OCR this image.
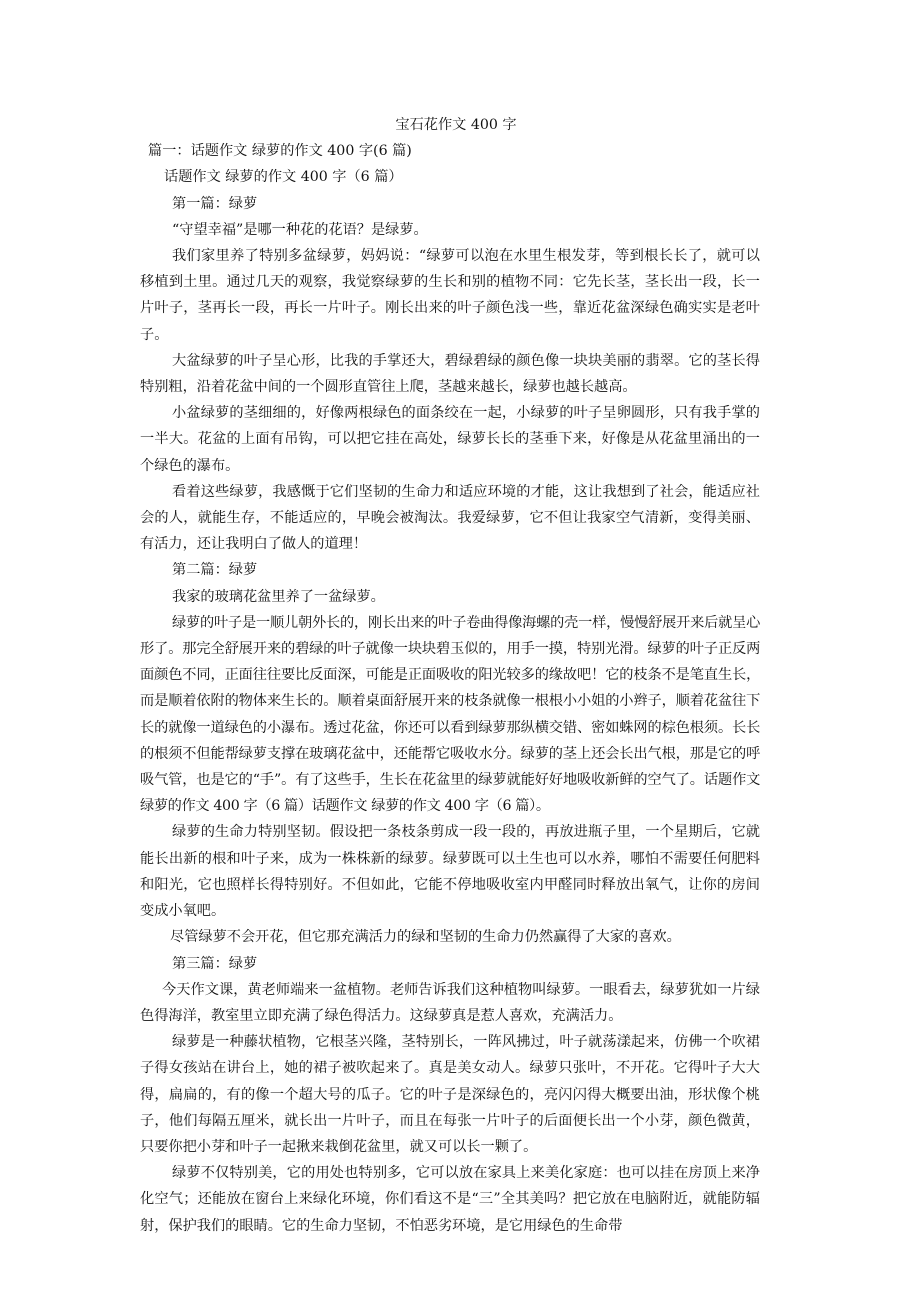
宝石花作文 400 字

篇一：话题作文 绿萝的作文 400 字(6 篇)

话题作文 绿萝的作文 400 字（6 篇）

第一篇：绿萝

“守望幸福”是哪一种花的花语？是绿萝。

我们家里养了特别多盆绿萝，妈妈说：“绿萝可以泡在水里生根发芽，等到根长长了，就可以移植到土里。通过几天的观察，我觉察绿萝的生长和别的植物不同：它先长茎，茎长出一段，长一片叶子，茎再长一段，再长一片叶子。刚长出来的叶子颜色浅一些，靠近花盆深绿色确实实是老叶子。

大盆绿萝的叶子呈心形，比我的手掌还大，碧绿碧绿的颜色像一块块美丽的翡翠。它的茎长得特别粗，沿着花盆中间的一个圆形直管往上爬，茎越来越长，绿萝也越长越高。

小盆绿萝的茎细细的，好像两根绿色的面条绞在一起，小绿萝的叶子呈卵圆形，只有我手掌的一半大。花盆的上面有吊钩，可以把它挂在高处，绿萝长长的茎垂下来，好像是从花盆里涌出的一个绿色的瀑布。

看着这些绿萝，我感慨于它们坚韧的生命力和适应环境的才能，这让我想到了社会，能适应社会的人，就能生存，不能适应的，早晚会被淘汰。我爱绿萝，它不但让我家空气清新，变得美丽、有活力，还让我明白了做人的道理！

第二篇：绿萝

我家的玻璃花盆里养了一盆绿萝。

绿萝的叶子是一顺儿朝外长的，刚长出来的叶子卷曲得像海螺的壳一样，慢慢舒展开来后就呈心形了。那完全舒展开来的碧绿的叶子就像一块块碧玉似的，用手一摸，特别光滑。绿萝的叶子正反两面颜色不同，正面往往要比反面深，可能是正面吸收的阳光较多的缘故吧！它的枝条不是笔直生长，而是顺着依附的物体来生长的。顺着桌面舒展开来的枝条就像一根根小小姐的小辫子，顺着花盆往下长的就像一道绿色的小瀑布。透过花盆，你还可以看到绿萝那纵横交错、密如蛛网的棕色根须。长长的根须不但能帮绿萝支撑在玻璃花盆中，还能帮它吸收水分。绿萝的茎上还会长出气根，那是它的呼吸气管，也是它的“手”。有了这些手，生长在花盆里的绿萝就能好好地吸收新鲜的空气了。话题作文 绿萝的作文 400 字（6 篇）话题作文 绿萝的作文 400 字（6 篇）。

绿萝的生命力特别坚韧。假设把一条枝条剪成一段一段的，再放进瓶子里，一个星期后，它就能长出新的根和叶子来，成为一株株新的绿萝。绿萝既可以土生也可以水养，哪怕不需要任何肥料和阳光，它也照样长得特别好。不但如此，它能不停地吸收室内甲醛同时释放出氧气，让你的房间变成小氧吧。

尽管绿萝不会开花，但它那充满活力的绿和坚韧的生命力仍然赢得了大家的喜欢。

第三篇：绿萝

今天作文课，黄老师端来一盆植物。老师告诉我们这种植物叫绿萝。一眼看去，绿萝犹如一片绿色得海洋，教室里立即充满了绿色得活力。这绿萝真是惹人喜欢，充满活力。

绿萝是一种藤状植物，它根茎兴隆，茎特别长，一阵风拂过，叶子就荡漾起来，仿佛一个吹裙子得女孩站在讲台上，她的裙子被吹起来了。真是美女动人。绿萝只张叶，不开花。它得叶子大大得，扁扁的，有的像一个超大号的瓜子。它的叶子是深绿色的，亮闪闪得大概要出油，形状像个桃子，他们每隔五厘米，就长出一片叶子，而且在每张一片叶子的后面便长出一个小芽，颜色微黄，只要你把小芽和叶子一起揪来栽倒花盆里，就又可以长一颗了。

绿萝不仅特别美，它的用处也特别多，它可以放在家具上来美化家庭：也可以挂在房顶上来净化空气；还能放在窗台上来绿化环境，你们看这不是“三”全其美吗？把它放在电脑附近，就能防辐射，保护我们的眼睛。它的生命力坚韧，不怕恶劣环境，是它用绿色的生命带
